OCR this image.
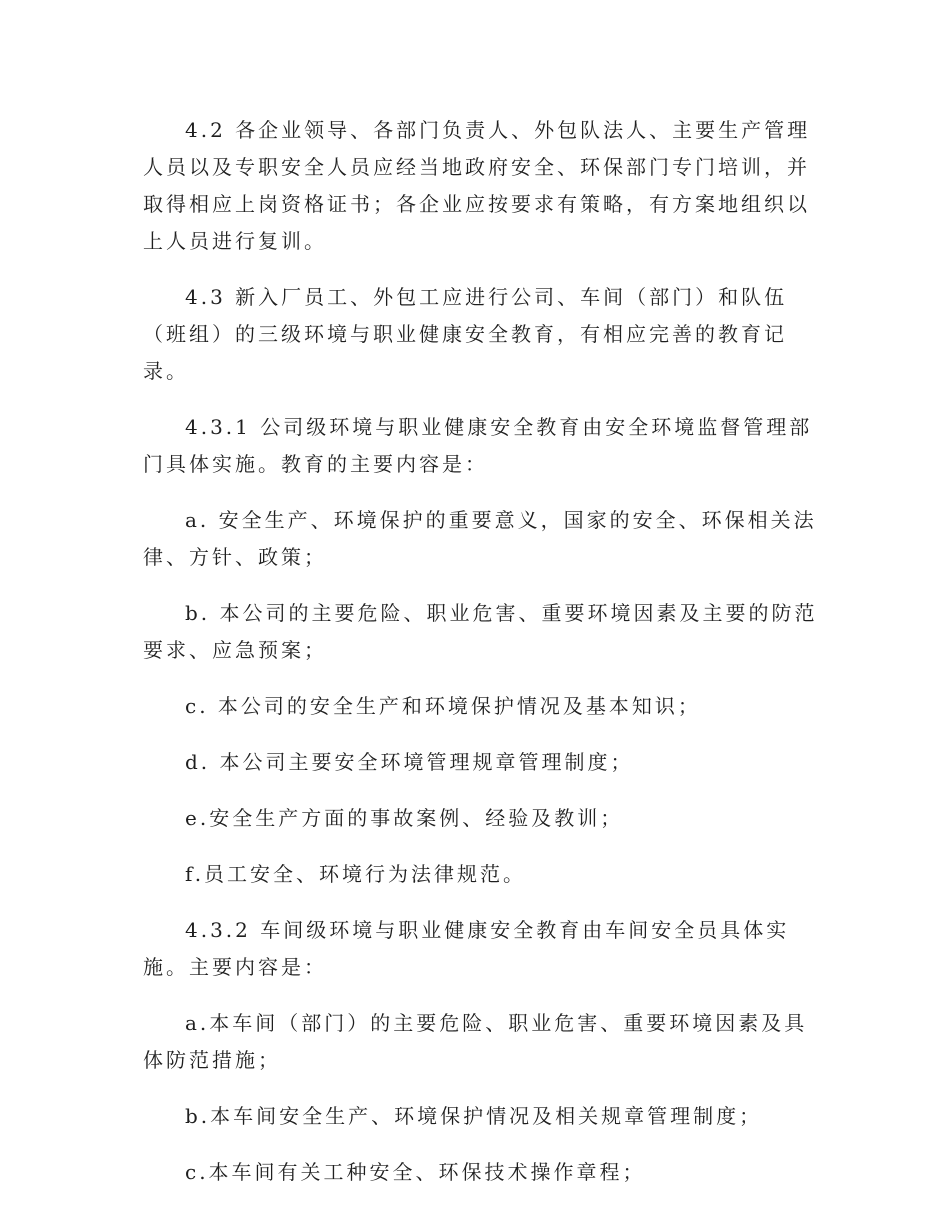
4.2 各企业领导、各部门负责人、外包队法人、主要生产管理人员以及专职安全人员应经当地政府安全、环保部门专门培训，并取得相应上岗资格证书；各企业应按要求有策略，有方案地组织以上人员进行复训。

4.3 新入厂员工、外包工应进行公司、车间（部门）和队伍（班组）的三级环境与职业健康安全教育，有相应完善的教育记录。

4.3.1 公司级环境与职业健康安全教育由安全环境监督管理部门具体实施。教育的主要内容是：

a. 安全生产、环境保护的重要意义，国家的安全、环保相关法律、方针、政策；

b. 本公司的主要危险、职业危害、重要环境因素及主要的防范要求、应急预案；

c. 本公司的安全生产和环境保护情况及基本知识；

d. 本公司主要安全环境管理规章管理制度；

e.安全生产方面的事故案例、经验及教训；

f.员工安全、环境行为法律规范。

4.3.2 车间级环境与职业健康安全教育由车间安全员具体实施。主要内容是：

a.本车间（部门）的主要危险、职业危害、重要环境因素及具体防范措施；

b.本车间安全生产、环境保护情况及相关规章管理制度；

c.本车间有关工种安全、环保技术操作章程；
